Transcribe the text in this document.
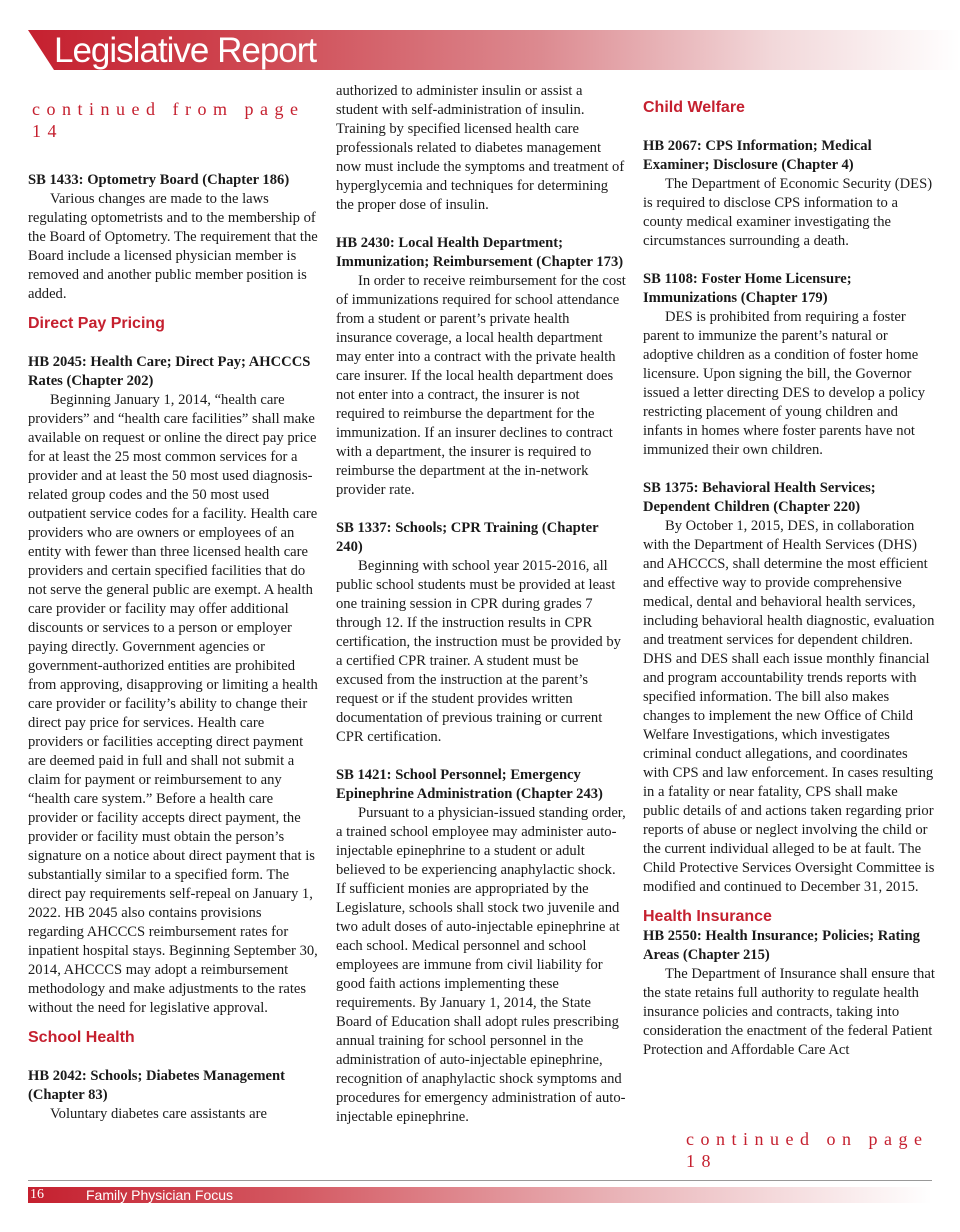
Legislative Report
continued from page 14

SB 1433: Optometry Board (Chapter 186)

Various changes are made to the laws regulating optometrists and to the membership of the Board of Optometry. The requirement that the Board include a licensed physician member is removed and another public member position is added.

Direct Pay Pricing

HB 2045: Health Care; Direct Pay; AHCCCS Rates (Chapter 202)

Beginning January 1, 2014, “health care providers” and “health care facilities” shall make available on request or online the direct pay price for at least the 25 most common services for a provider and at least the 50 most used diagnosis-related group codes and the 50 most used outpatient service codes for a facility. Health care providers who are owners or employees of an entity with fewer than three licensed health care providers and certain specified facilities that do not serve the general public are exempt. A health care provider or facility may offer additional discounts or services to a person or employer paying directly. Government agencies or government-authorized entities are prohibited from approving, disapproving or limiting a health care provider or facility’s ability to change their direct pay price for services. Health care providers or facilities accepting direct payment are deemed paid in full and shall not submit a claim for payment or reimbursement to any “health care system.” Before a health care provider or facility accepts direct payment, the provider or facility must obtain the person’s signature on a notice about direct payment that is substantially similar to a specified form. The direct pay requirements self-repeal on January 1, 2022. HB 2045 also contains provisions regarding AHCCCS reimbursement rates for inpatient hospital stays. Beginning September 30, 2014, AHCCCS may adopt a reimbursement methodology and make adjustments to the rates without the need for legislative approval.

School Health

HB 2042: Schools; Diabetes Management (Chapter 83)

Voluntary diabetes care assistants are

authorized to administer insulin or assist a student with self-administration of insulin. Training by specified licensed health care professionals related to diabetes management now must include the symptoms and treatment of hyperglycemia and techniques for determining the proper dose of insulin.

HB 2430: Local Health Department; Immunization; Reimbursement (Chapter 173)

In order to receive reimbursement for the cost of immunizations required for school attendance from a student or parent’s private health insurance coverage, a local health department may enter into a contract with the private health care insurer. If the local health department does not enter into a contract, the insurer is not required to reimburse the department for the immunization. If an insurer declines to contract with a department, the insurer is required to reimburse the department at the in-network provider rate.

SB 1337: Schools; CPR Training (Chapter 240)

Beginning with school year 2015-2016, all public school students must be provided at least one training session in CPR during grades 7 through 12. If the instruction results in CPR certification, the instruction must be provided by a certified CPR trainer. A student must be excused from the instruction at the parent’s request or if the student provides written documentation of previous training or current CPR certification.

SB 1421: School Personnel; Emergency Epinephrine Administration (Chapter 243)

Pursuant to a physician-issued standing order, a trained school employee may administer auto-injectable epinephrine to a student or adult believed to be experiencing anaphylactic shock. If sufficient monies are appropriated by the Legislature, schools shall stock two juvenile and two adult doses of auto-injectable epinephrine at each school. Medical personnel and school employees are immune from civil liability for good faith actions implementing these requirements. By January 1, 2014, the State Board of Education shall adopt rules prescribing annual training for school personnel in the administration of auto-injectable epinephrine, recognition of anaphylactic shock symptoms and procedures for emergency administration of auto-injectable epinephrine.

Child Welfare

HB 2067: CPS Information; Medical Examiner; Disclosure (Chapter 4)

The Department of Economic Security (DES) is required to disclose CPS information to a county medical examiner investigating the circumstances surrounding a death.

SB 1108: Foster Home Licensure; Immunizations (Chapter 179)

DES is prohibited from requiring a foster parent to immunize the parent’s natural or adoptive children as a condition of foster home licensure. Upon signing the bill, the Governor issued a letter directing DES to develop a policy restricting placement of young children and infants in homes where foster parents have not immunized their own children.

SB 1375: Behavioral Health Services; Dependent Children (Chapter 220)

By October 1, 2015, DES, in collaboration with the Department of Health Services (DHS) and AHCCCS, shall determine the most efficient and effective way to provide comprehensive medical, dental and behavioral health services, including behavioral health diagnostic, evaluation and treatment services for dependent children. DHS and DES shall each issue monthly financial and program accountability trends reports with specified information. The bill also makes changes to implement the new Office of Child Welfare Investigations, which investigates criminal conduct allegations, and coordinates with CPS and law enforcement. In cases resulting in a fatality or near fatality, CPS shall make public details of and actions taken regarding prior reports of abuse or neglect involving the child or the current individual alleged to be at fault. The Child Protective Services Oversight Committee is modified and continued to December 31, 2015.

Health Insurance

HB 2550: Health Insurance; Policies; Rating Areas (Chapter 215)

The Department of Insurance shall ensure that the state retains full authority to regulate health insurance policies and contracts, taking into consideration the enactment of the federal Patient Protection and Affordable Care Act

continued on page 18
16	Family Physician Focus
